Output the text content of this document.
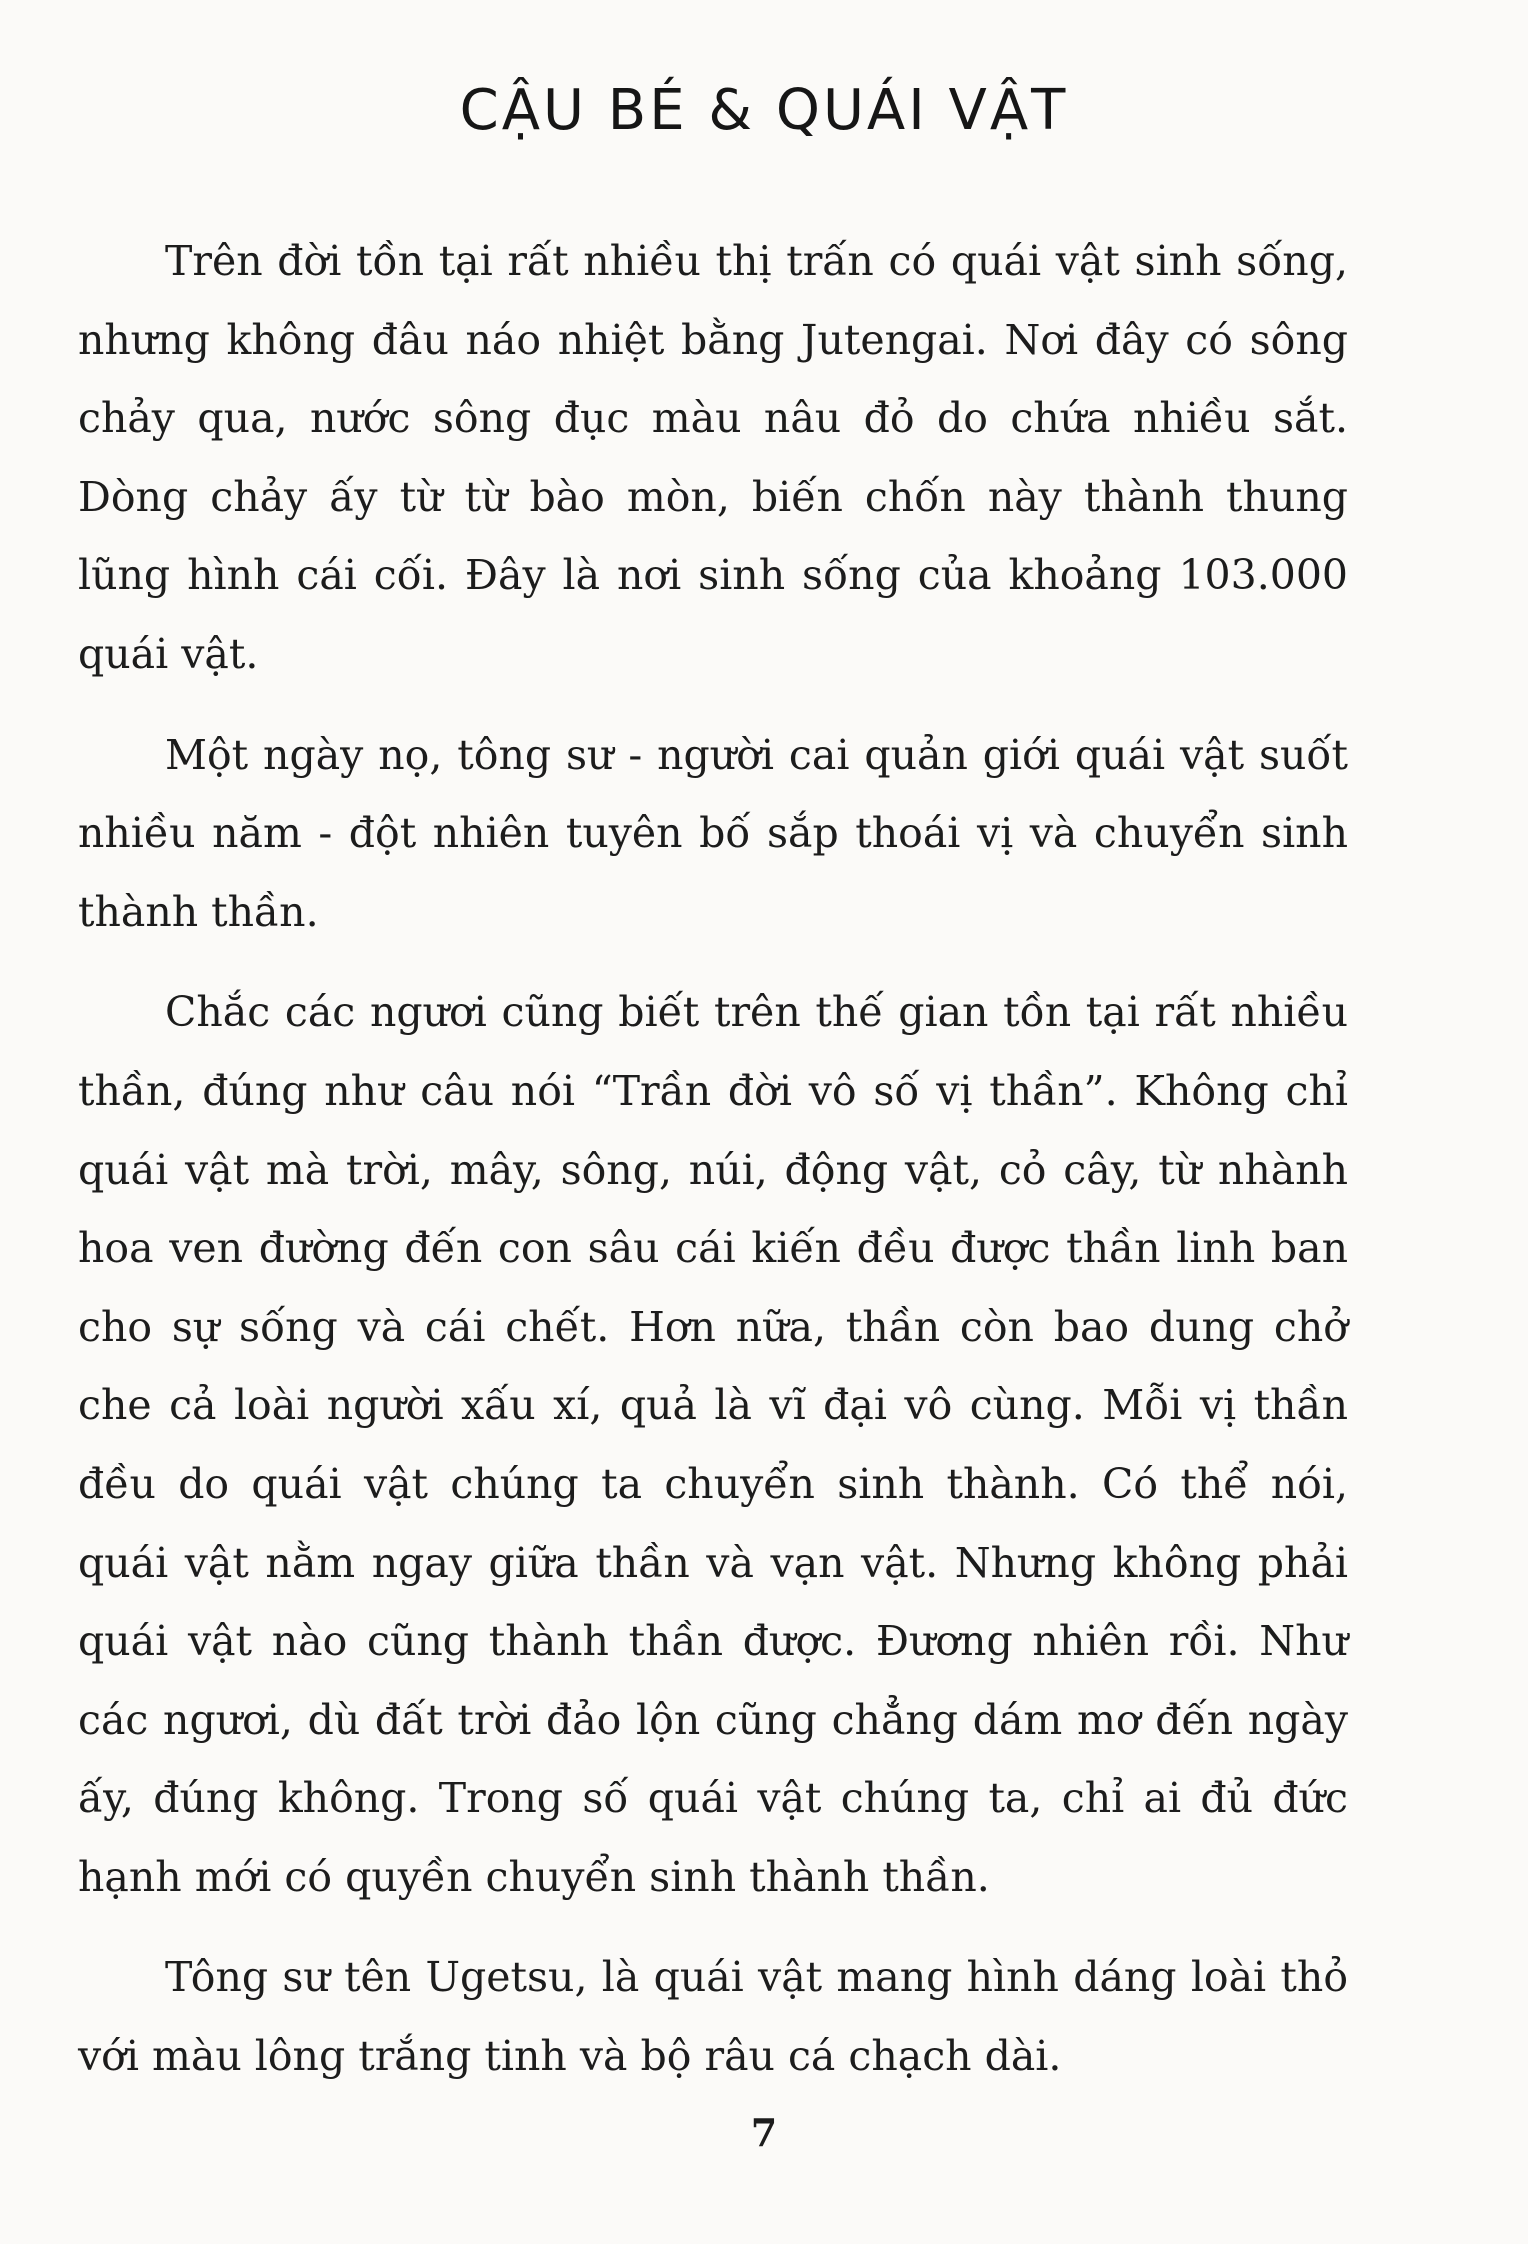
CẬU BÉ & QUÁI VẬT

Trên đời tồn tại rất nhiều thị trấn có quái vật sinh sống, nhưng không đâu náo nhiệt bằng Jutengai. Nơi đây có sông chảy qua, nước sông đục màu nâu đỏ do chứa nhiều sắt. Dòng chảy ấy từ từ bào mòn, biến chốn này thành thung lũng hình cái cối. Đây là nơi sinh sống của khoảng 103.000 quái vật.

Một ngày nọ, tông sư - người cai quản giới quái vật suốt nhiều năm - đột nhiên tuyên bố sắp thoái vị và chuyển sinh thành thần.

Chắc các ngươi cũng biết trên thế gian tồn tại rất nhiều thần, đúng như câu nói “Trần đời vô số vị thần”. Không chỉ quái vật mà trời, mây, sông, núi, động vật, cỏ cây, từ nhành hoa ven đường đến con sâu cái kiến đều được thần linh ban cho sự sống và cái chết. Hơn nữa, thần còn bao dung chở che cả loài người xấu xí, quả là vĩ đại vô cùng. Mỗi vị thần đều do quái vật chúng ta chuyển sinh thành. Có thể nói, quái vật nằm ngay giữa thần và vạn vật. Nhưng không phải quái vật nào cũng thành thần được. Đương nhiên rồi. Như các ngươi, dù đất trời đảo lộn cũng chẳng dám mơ đến ngày ấy, đúng không. Trong số quái vật chúng ta, chỉ ai đủ đức hạnh mới có quyền chuyển sinh thành thần.

Tông sư tên Ugetsu, là quái vật mang hình dáng loài thỏ với màu lông trắng tinh và bộ râu cá chạch dài.

7
